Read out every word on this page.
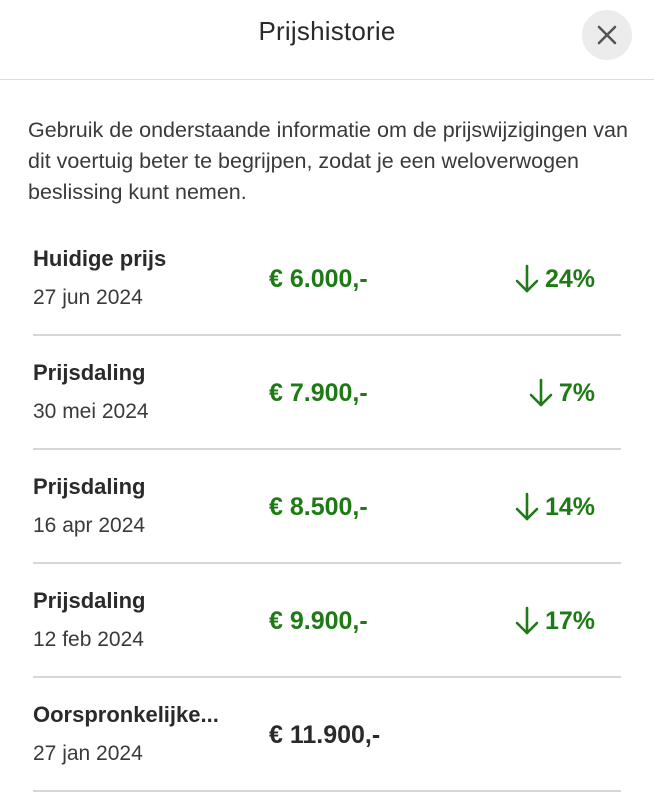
Prijshistorie

Gebruik de onderstaande informatie om de prijswijzigingen van dit voertuig beter te begrijpen, zodat je een weloverwogen beslissing kunt nemen.

Huidige prijs
27 jun 2024
€ 6.000,-	24%
Prijsdaling
30 mei 2024
€ 7.900,-	7%
Prijsdaling
16 apr 2024
€ 8.500,-	14%
Prijsdaling
12 feb 2024
€ 9.900,-	17%
Oorspronkelijke...
27 jan 2024
€ 11.900,-
